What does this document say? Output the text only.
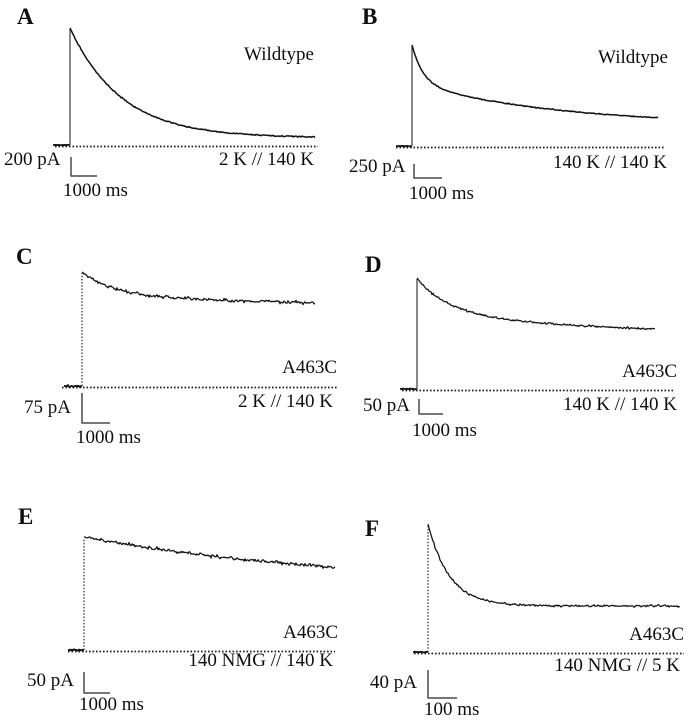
A
Wildtype
2 K // 140 K
200 pA
1000 ms
B
Wildtype
140 K // 140 K
250 pA
1000 ms
C
A463C
2 K // 140 K
75 pA
1000 ms
D
A463C
140 K // 140 K
50 pA
1000 ms
E
A463C
140 NMG // 140 K
50 pA
1000 ms
F
A463C
140 NMG // 5 K
40 pA
100 ms
